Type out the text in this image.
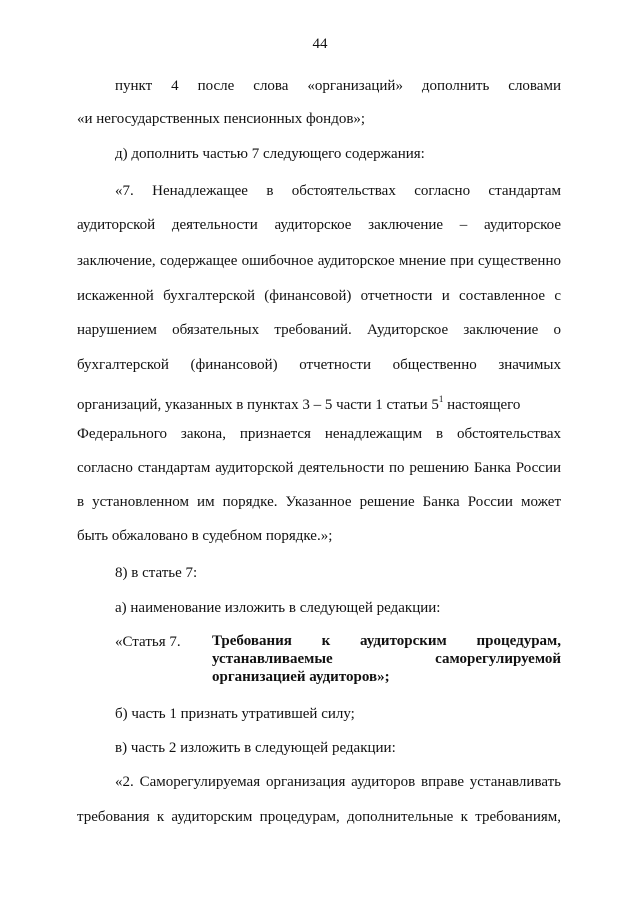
44
пункт 4 после слова «организаций» дополнить словами
«и негосударственных пенсионных фондов»;
д) дополнить частью 7 следующего содержания:
«7. Ненадлежащее в обстоятельствах согласно стандартам
аудиторской деятельности аудиторское заключение – аудиторское
заключение, содержащее ошибочное аудиторское мнение при существенно
искаженной бухгалтерской (финансовой) отчетности и составленное с
нарушением обязательных требований. Аудиторское заключение о
бухгалтерской (финансовой) отчетности общественно значимых
организаций, указанных в пунктах 3 – 5 части 1 статьи $5^1$ настоящего
Федерального закона, признается ненадлежащим в обстоятельствах
согласно стандартам аудиторской деятельности по решению Банка России
в установленном им порядке. Указанное решение Банка России может
быть обжаловано в судебном порядке.»;
8) в статье 7:
а) наименование изложить в следующей редакции:
«Статья 7. Требования к аудиторским процедурам,
устанавливаемые саморегулируемой
организацией аудиторов»;
б) часть 1 признать утратившей силу;
в) часть 2 изложить в следующей редакции:
«2. Саморегулируемая организация аудиторов вправе устанавливать
требования к аудиторским процедурам, дополнительные к требованиям,
